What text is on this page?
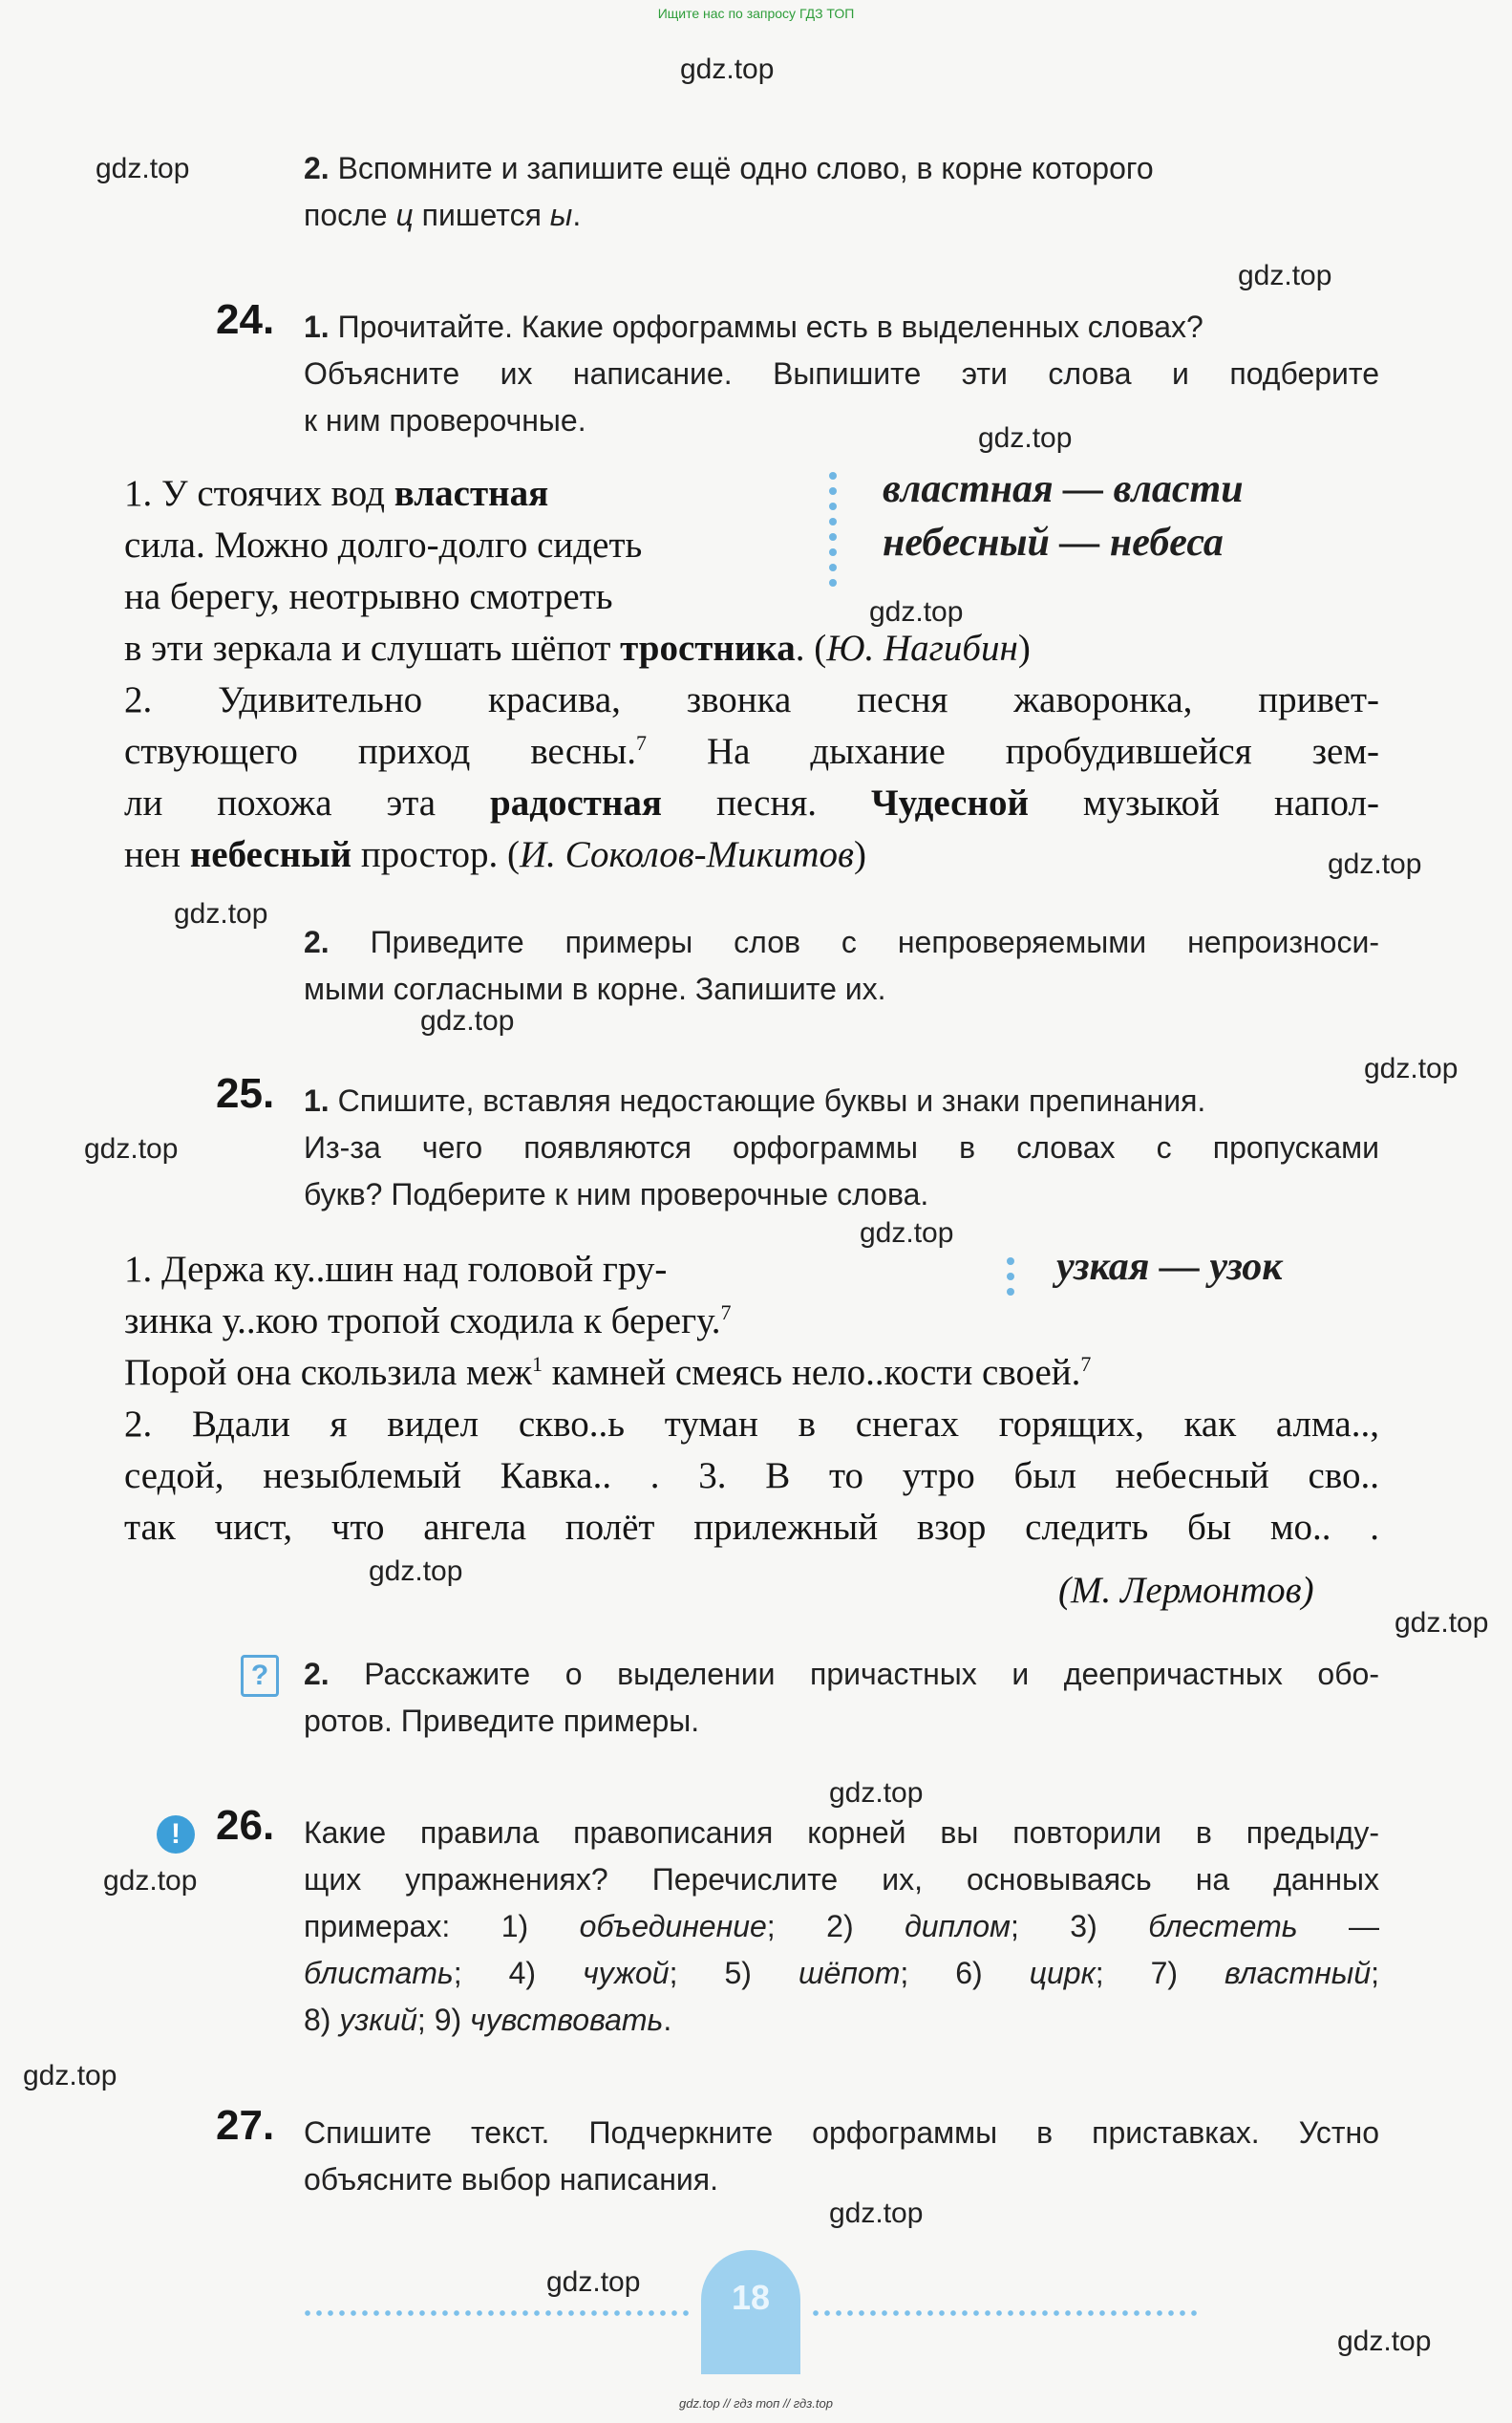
Ищите нас по запросу ГДЗ ТОП
gdz.top // гдз топ // гдз.top
gdz.top
gdz.top
gdz.top
gdz.top
gdz.top
gdz.top
gdz.top
gdz.top
gdz.top
gdz.top
gdz.top
gdz.top
gdz.top
gdz.top
gdz.top
gdz.top
gdz.top
gdz.top
gdz.top
2. Вспомните и запишите ещё одно слово, в корне которого
после ц пишется ы.
24. 1. Прочитайте. Какие орфограммы есть в выделенных словах?
Объясните их написание. Выпишите эти слова и подберите
к ним проверочные.
властная — власти
небесный — небеса
1. У стоячих вод властная
сила. Можно долго-долго сидеть
на берегу, неотрывно смотреть
в эти зеркала и слушать шёпот тростника. (Ю. Нагибин)
2. Удивительно красива, звонка песня жаворонка, привет-
ствующего приход весны.$^7$ На дыхание пробудившейся зем-
ли похожа эта радостная песня. Чудесной музыкой напол-
нен небесный простор. (И. Соколов-Микитов)
2. Приведите примеры слов с непроверяемыми непроизноси-
мыми согласными в корне. Запишите их.
25. 1. Спишите, вставляя недостающие буквы и знаки препинания.
Из-за чего появляются орфограммы в словах с пропусками
букв? Подберите к ним проверочные слова.
узкая — узок
1. Держа ку..шин над головой гру-
зинка у..кою тропой сходила к берегу.$^7$
Порой она скользила меж$^1$ камней смеясь нело..кости своей.$^7$
2. Вдали я видел скво..ь туман в снегах горящих, как алма..,
седой, незыблемый Кавка.. . 3. В то утро был небесный сво..
так чист, что ангела полёт прилежный взор следить бы мо.. .
(М. Лермонтов)
?	2. Расскажите о выделении причастных и деепричастных обо-
ротов. Приведите примеры.
! 26. Какие правила правописания корней вы повторили в предыду-
щих упражнениях? Перечислите их, основываясь на данных
примерах: 1) объединение; 2) диплом; 3) блестеть —
блистать; 4) чужой; 5) шёпот; 6) цирк; 7) властный;
8) узкий; 9) чувствовать.
27. Спишите текст. Подчеркните орфограммы в приставках. Устно
объясните выбор написания.
18
